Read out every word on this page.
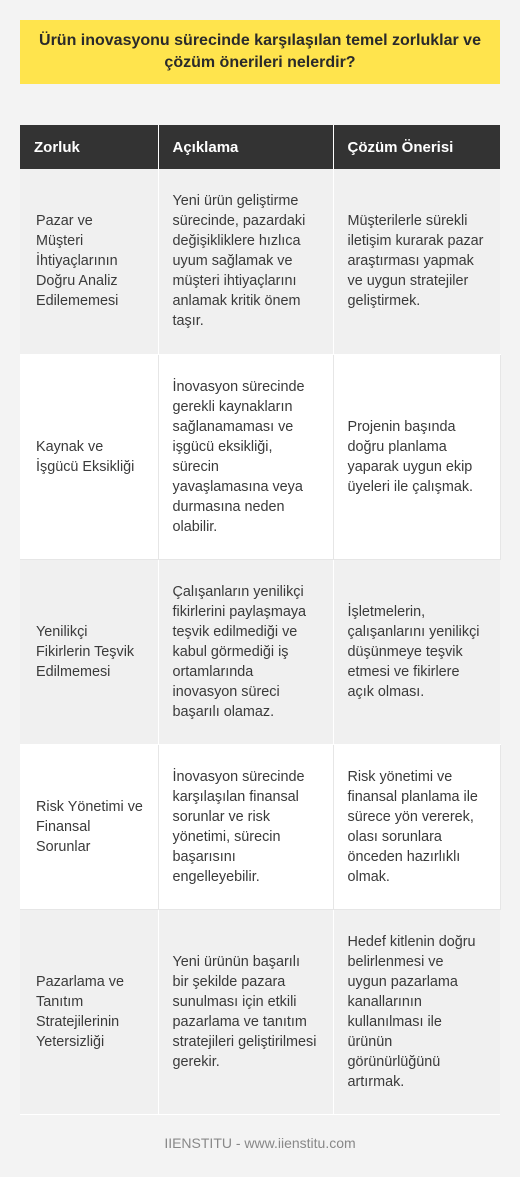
Ürün inovasyonu sürecinde karşılaşılan temel zorluklar ve çözüm önerileri nelerdir?
Zorluk	Açıklama	Çözüm Önerisi
Pazar ve Müşteri İhtiyaçlarının Doğru Analiz Edilememesi	Yeni ürün geliştirme sürecinde, pazardaki değişikliklere hızlıca uyum sağlamak ve müşteri ihtiyaçlarını anlamak kritik önem taşır.	Müşterilerle sürekli iletişim kurarak pazar araştırması yapmak ve uygun stratejiler geliştirmek.
Kaynak ve İşgücü Eksikliği	İnovasyon sürecinde gerekli kaynakların sağlanamaması ve işgücü eksikliği, sürecin yavaşlamasına veya durmasına neden olabilir.	Projenin başında doğru planlama yaparak uygun ekip üyeleri ile çalışmak.
Yenilikçi Fikirlerin Teşvik Edilmemesi	Çalışanların yenilikçi fikirlerini paylaşmaya teşvik edilmediği ve kabul görmediği iş ortamlarında inovasyon süreci başarılı olamaz.	İşletmelerin, çalışanlarını yenilikçi düşünmeye teşvik etmesi ve fikirlere açık olması.
Risk Yönetimi ve Finansal Sorunlar	İnovasyon sürecinde karşılaşılan finansal sorunlar ve risk yönetimi, sürecin başarısını engelleyebilir.	Risk yönetimi ve finansal planlama ile sürece yön vererek, olası sorunlara önceden hazırlıklı olmak.
Pazarlama ve Tanıtım Stratejilerinin Yetersizliği	Yeni ürünün başarılı bir şekilde pazara sunulması için etkili pazarlama ve tanıtım stratejileri geliştirilmesi gerekir.	Hedef kitlenin doğru belirlenmesi ve uygun pazarlama kanallarının kullanılması ile ürünün görünürlüğünü artırmak.
IIENSTITU - www.iienstitu.com
